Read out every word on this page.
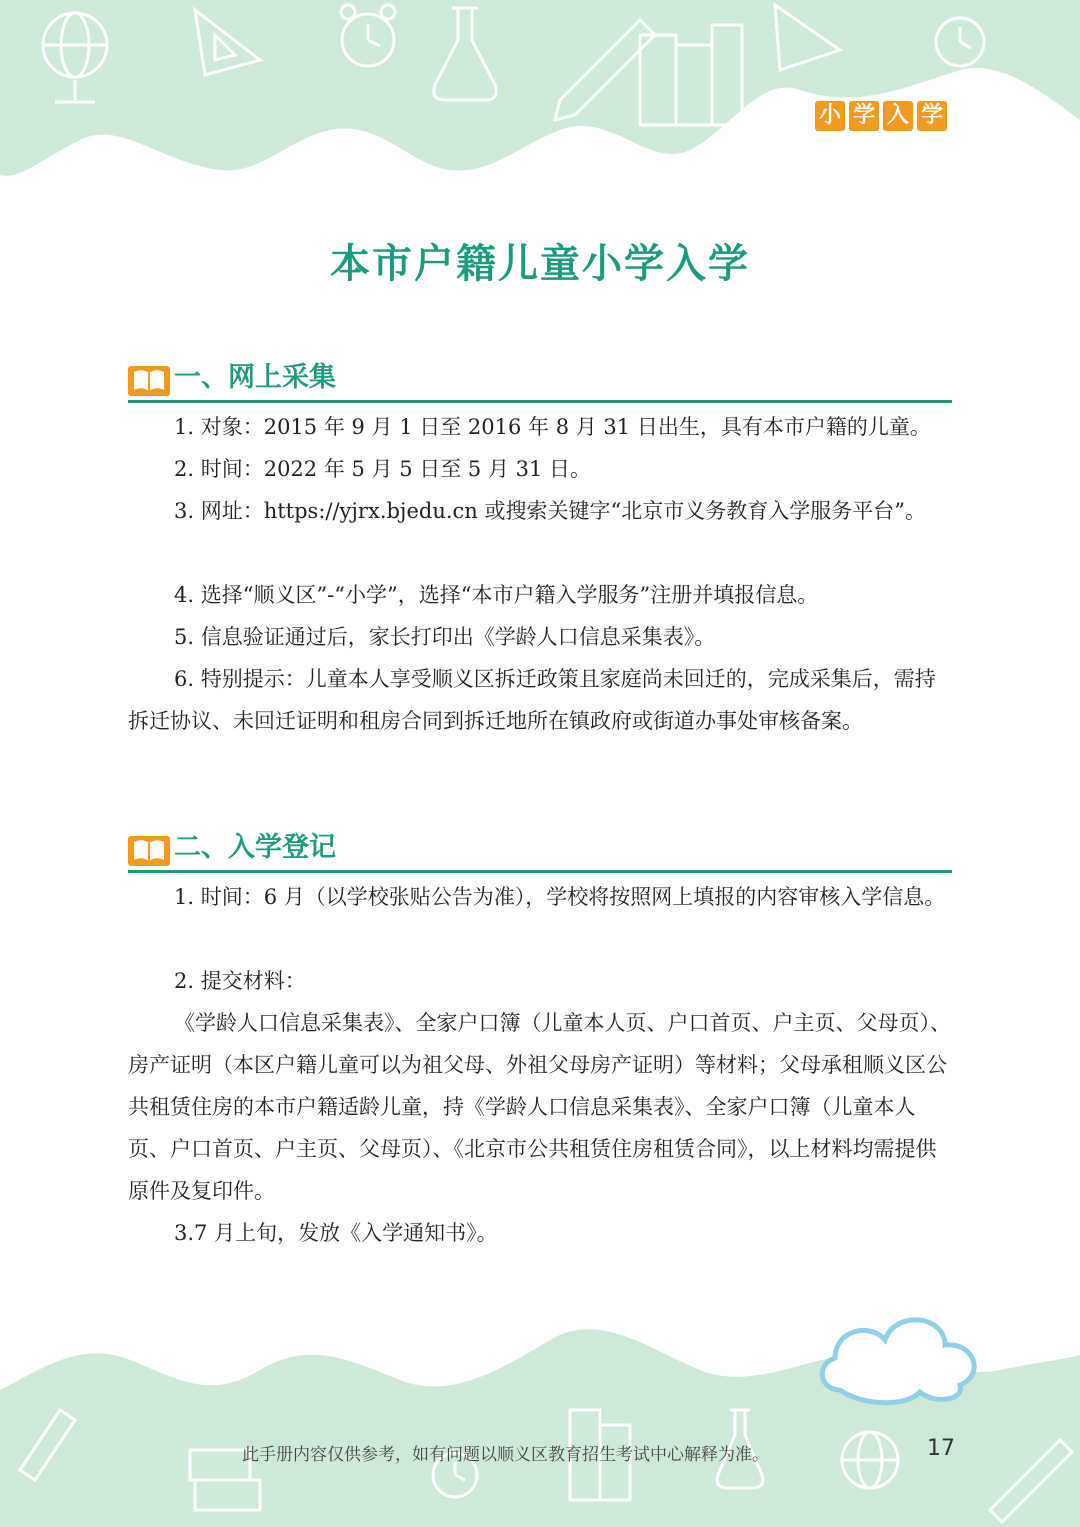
小 学 入 学
本市户籍儿童小学入学
一、网上采集
1. 对象：2015 年 9 月 1 日至 2016 年 8 月 31 日出生，具有本市户籍的儿童。
2. 时间：2022 年 5 月 5 日至 5 月 31 日。
3. 网址：https://yjrx.bjedu.cn 或搜索关键字“北京市义务教育入学服务平台”。
4. 选择“顺义区”-“小学”，选择“本市户籍入学服务”注册并填报信息。
5. 信息验证通过后，家长打印出《学龄人口信息采集表》。
6. 特别提示：儿童本人享受顺义区拆迁政策且家庭尚未回迁的，完成采集后，需持拆迁协议、未回迁证明和租房合同到拆迁地所在镇政府或街道办事处审核备案。
二、入学登记
1. 时间：6 月（以学校张贴公告为准），学校将按照网上填报的内容审核入学信息。
2. 提交材料：
《学龄人口信息采集表》、全家户口簿（儿童本人页、户口首页、户主页、父母页）、房产证明（本区户籍儿童可以为祖父母、外祖父母房产证明）等材料；父母承租顺义区公共租赁住房的本市户籍适龄儿童，持《学龄人口信息采集表》、全家户口簿（儿童本人页、户口首页、户主页、父母页）、《北京市公共租赁住房租赁合同》，以上材料均需提供原件及复印件。
3.7 月上旬，发放《入学通知书》。
此手册内容仅供参考，如有问题以顺义区教育招生考试中心解释为准。	17
